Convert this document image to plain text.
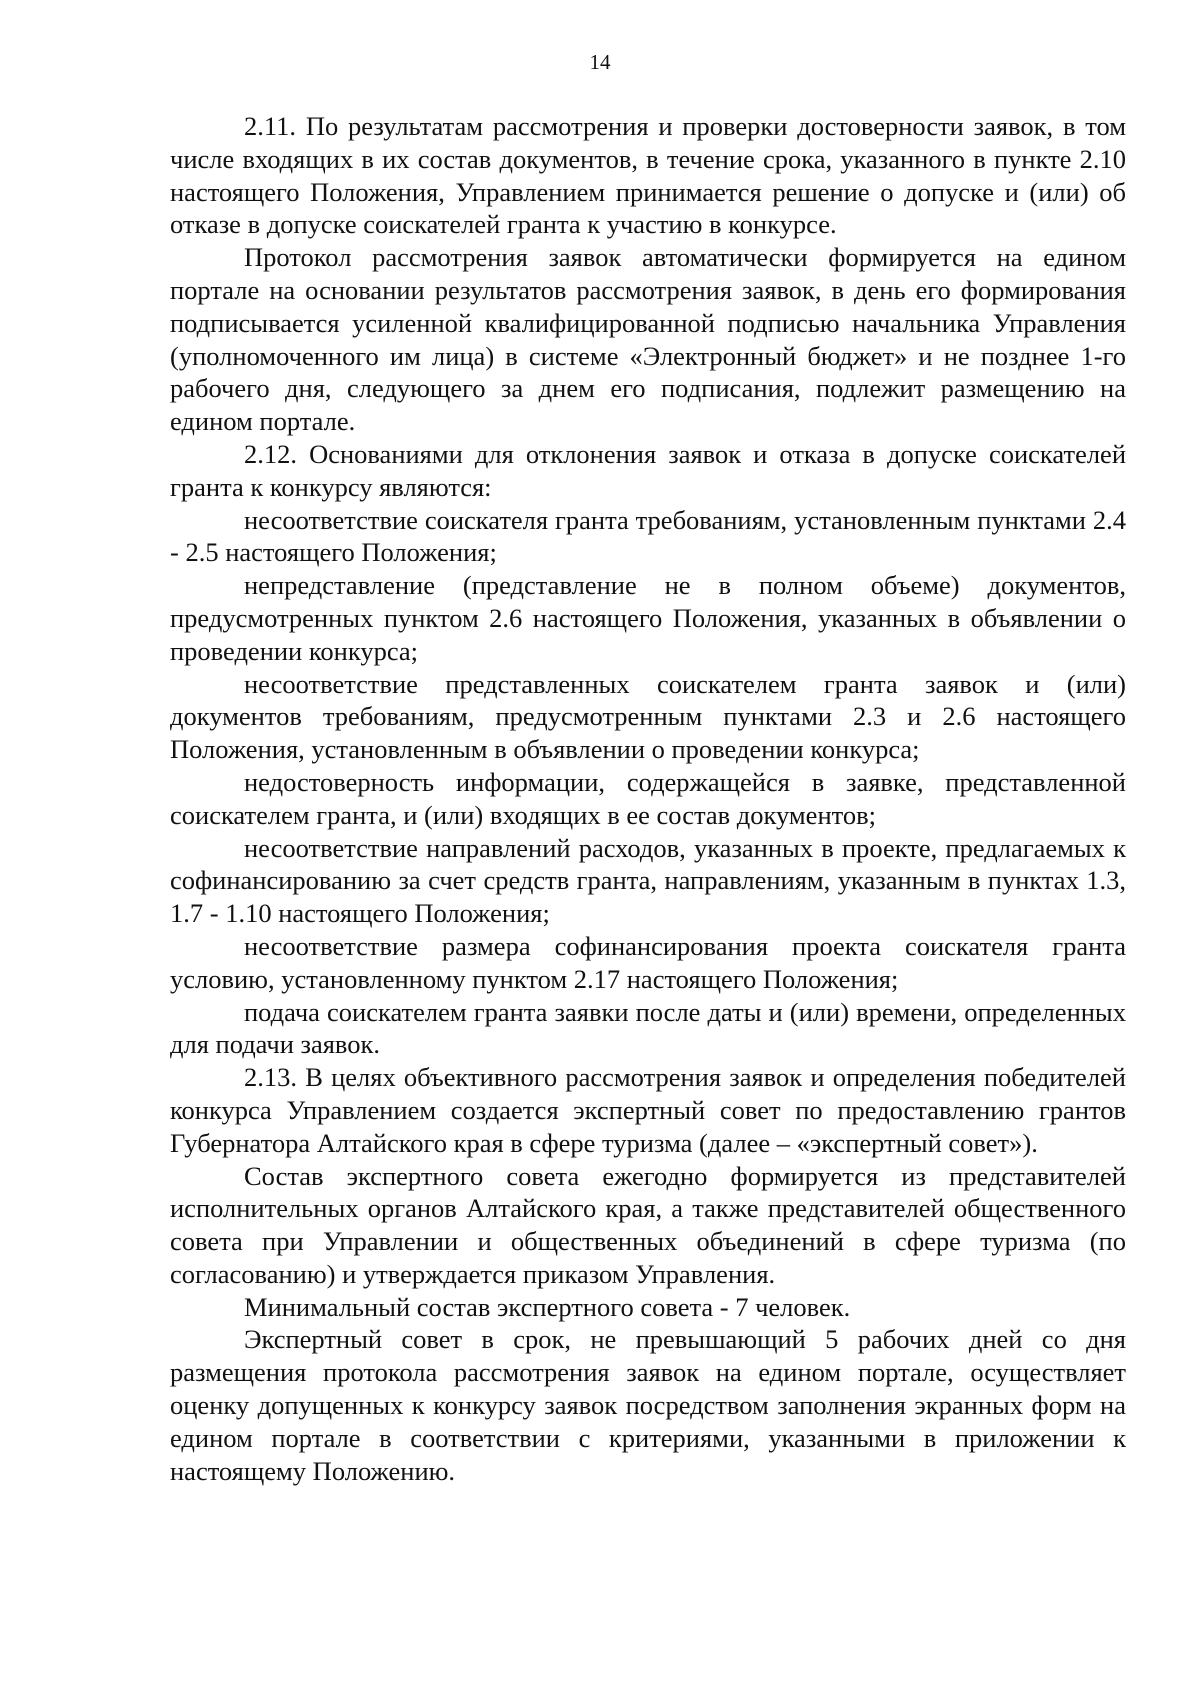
14

2.11. По результатам рассмотрения и проверки достоверности заявок, в том числе входящих в их состав документов, в течение срока, указанного в пункте 2.10 настоящего Положения, Управлением принимается решение о допуске и (или) об отказе в допуске соискателей гранта к участию в конкурсе.

Протокол рассмотрения заявок автоматически формируется на едином портале на основании результатов рассмотрения заявок, в день его формирования подписывается усиленной квалифицированной подписью начальника Управления (уполномоченного им лица) в системе «Электронный бюджет» и не позднее 1-го рабочего дня, следующего за днем его подписания, подлежит размещению на едином портале.

2.12. Основаниями для отклонения заявок и отказа в допуске соискателей гранта к конкурсу являются:

несоответствие соискателя гранта требованиям, установленным пунктами 2.4 - 2.5 настоящего Положения;

непредставление (представление не в полном объеме) документов, предусмотренных пунктом 2.6 настоящего Положения, указанных в объявлении о проведении конкурса;

несоответствие представленных соискателем гранта заявок и (или) документов требованиям, предусмотренным пунктами 2.3 и 2.6 настоящего Положения, установленным в объявлении о проведении конкурса;

недостоверность информации, содержащейся в заявке, представленной соискателем гранта, и (или) входящих в ее состав документов;

несоответствие направлений расходов, указанных в проекте, предлагаемых к софинансированию за счет средств гранта, направлениям, указанным в пунктах 1.3, 1.7 - 1.10 настоящего Положения;

несоответствие размера софинансирования проекта соискателя гранта условию, установленному пунктом 2.17 настоящего Положения;

подача соискателем гранта заявки после даты и (или) времени, определенных для подачи заявок.

2.13. В целях объективного рассмотрения заявок и определения победителей конкурса Управлением создается экспертный совет по предоставлению грантов Губернатора Алтайского края в сфере туризма (далее – «экспертный совет»).

Состав экспертного совета ежегодно формируется из представителей исполнительных органов Алтайского края, а также представителей общественного совета при Управлении и общественных объединений в сфере туризма (по согласованию) и утверждается приказом Управления.

Минимальный состав экспертного совета - 7 человек.

Экспертный совет в срок, не превышающий 5 рабочих дней со дня размещения протокола рассмотрения заявок на едином портале, осуществляет оценку допущенных к конкурсу заявок посредством заполнения экранных форм на едином портале в соответствии с критериями, указанными в приложении к настоящему Положению.
